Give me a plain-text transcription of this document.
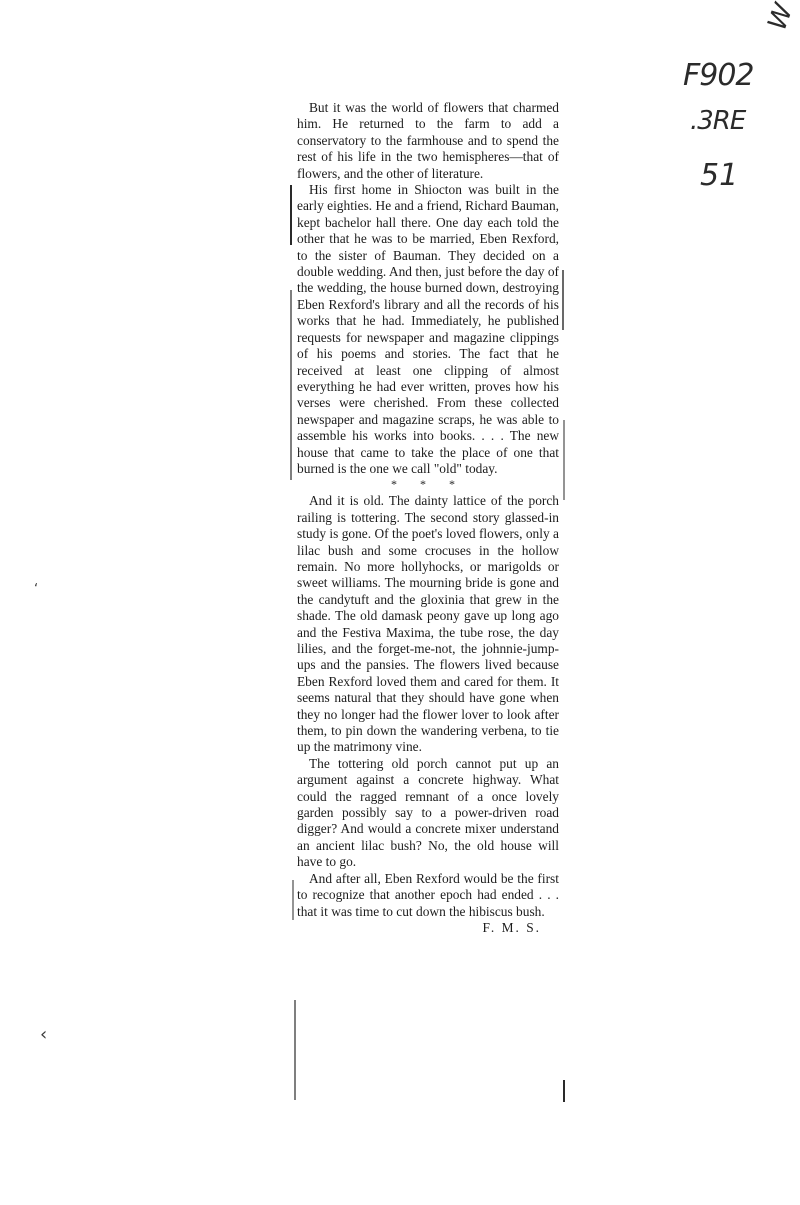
W
F902
.3RE
51
‘
‹

But it was the world of flowers that charmed him. He returned to the farm to add a conservatory to the farmhouse and to spend the rest of his life in the two hemispheres—that of flowers, and the other of literature.

His first home in Shiocton was built in the early eighties. He and a friend, Richard Bauman, kept bachelor hall there. One day each told the other that he was to be married, Eben Rexford, to the sister of Bauman. They decided on a double wedding. And then, just before the day of the wedding, the house burned down, destroying Eben Rexford's library and all the records of his works that he had. Immediately, he published requests for newspaper and magazine clippings of his poems and stories. The fact that he received at least one clipping of almost everything he had ever written, proves how his verses were cherished. From these collected newspaper and magazine scraps, he was able to assemble his works into books. . . . The new house that came to take the place of one that burned is the one we call "old" today.

* * *

And it is old. The dainty lattice of the porch railing is tottering. The second story glassed-in study is gone. Of the poet's loved flowers, only a lilac bush and some crocuses in the hollow remain. No more hollyhocks, or marigolds or sweet williams. The mourning bride is gone and the candytuft and the gloxinia that grew in the shade. The old damask peony gave up long ago and the Festiva Maxima, the tube rose, the day lilies, and the forget-me-not, the johnnie-jump-ups and the pansies. The flowers lived because Eben Rexford loved them and cared for them. It seems natural that they should have gone when they no longer had the flower lover to look after them, to pin down the wandering verbena, to tie up the matrimony vine.

The tottering old porch cannot put up an argument against a concrete highway. What could the ragged remnant of a once lovely garden possibly say to a power-driven road digger? And would a concrete mixer understand an ancient lilac bush? No, the old house will have to go.

And after all, Eben Rexford would be the first to recognize that another epoch had ended . . . that it was time to cut down the hibiscus bush.

F. M. S.
